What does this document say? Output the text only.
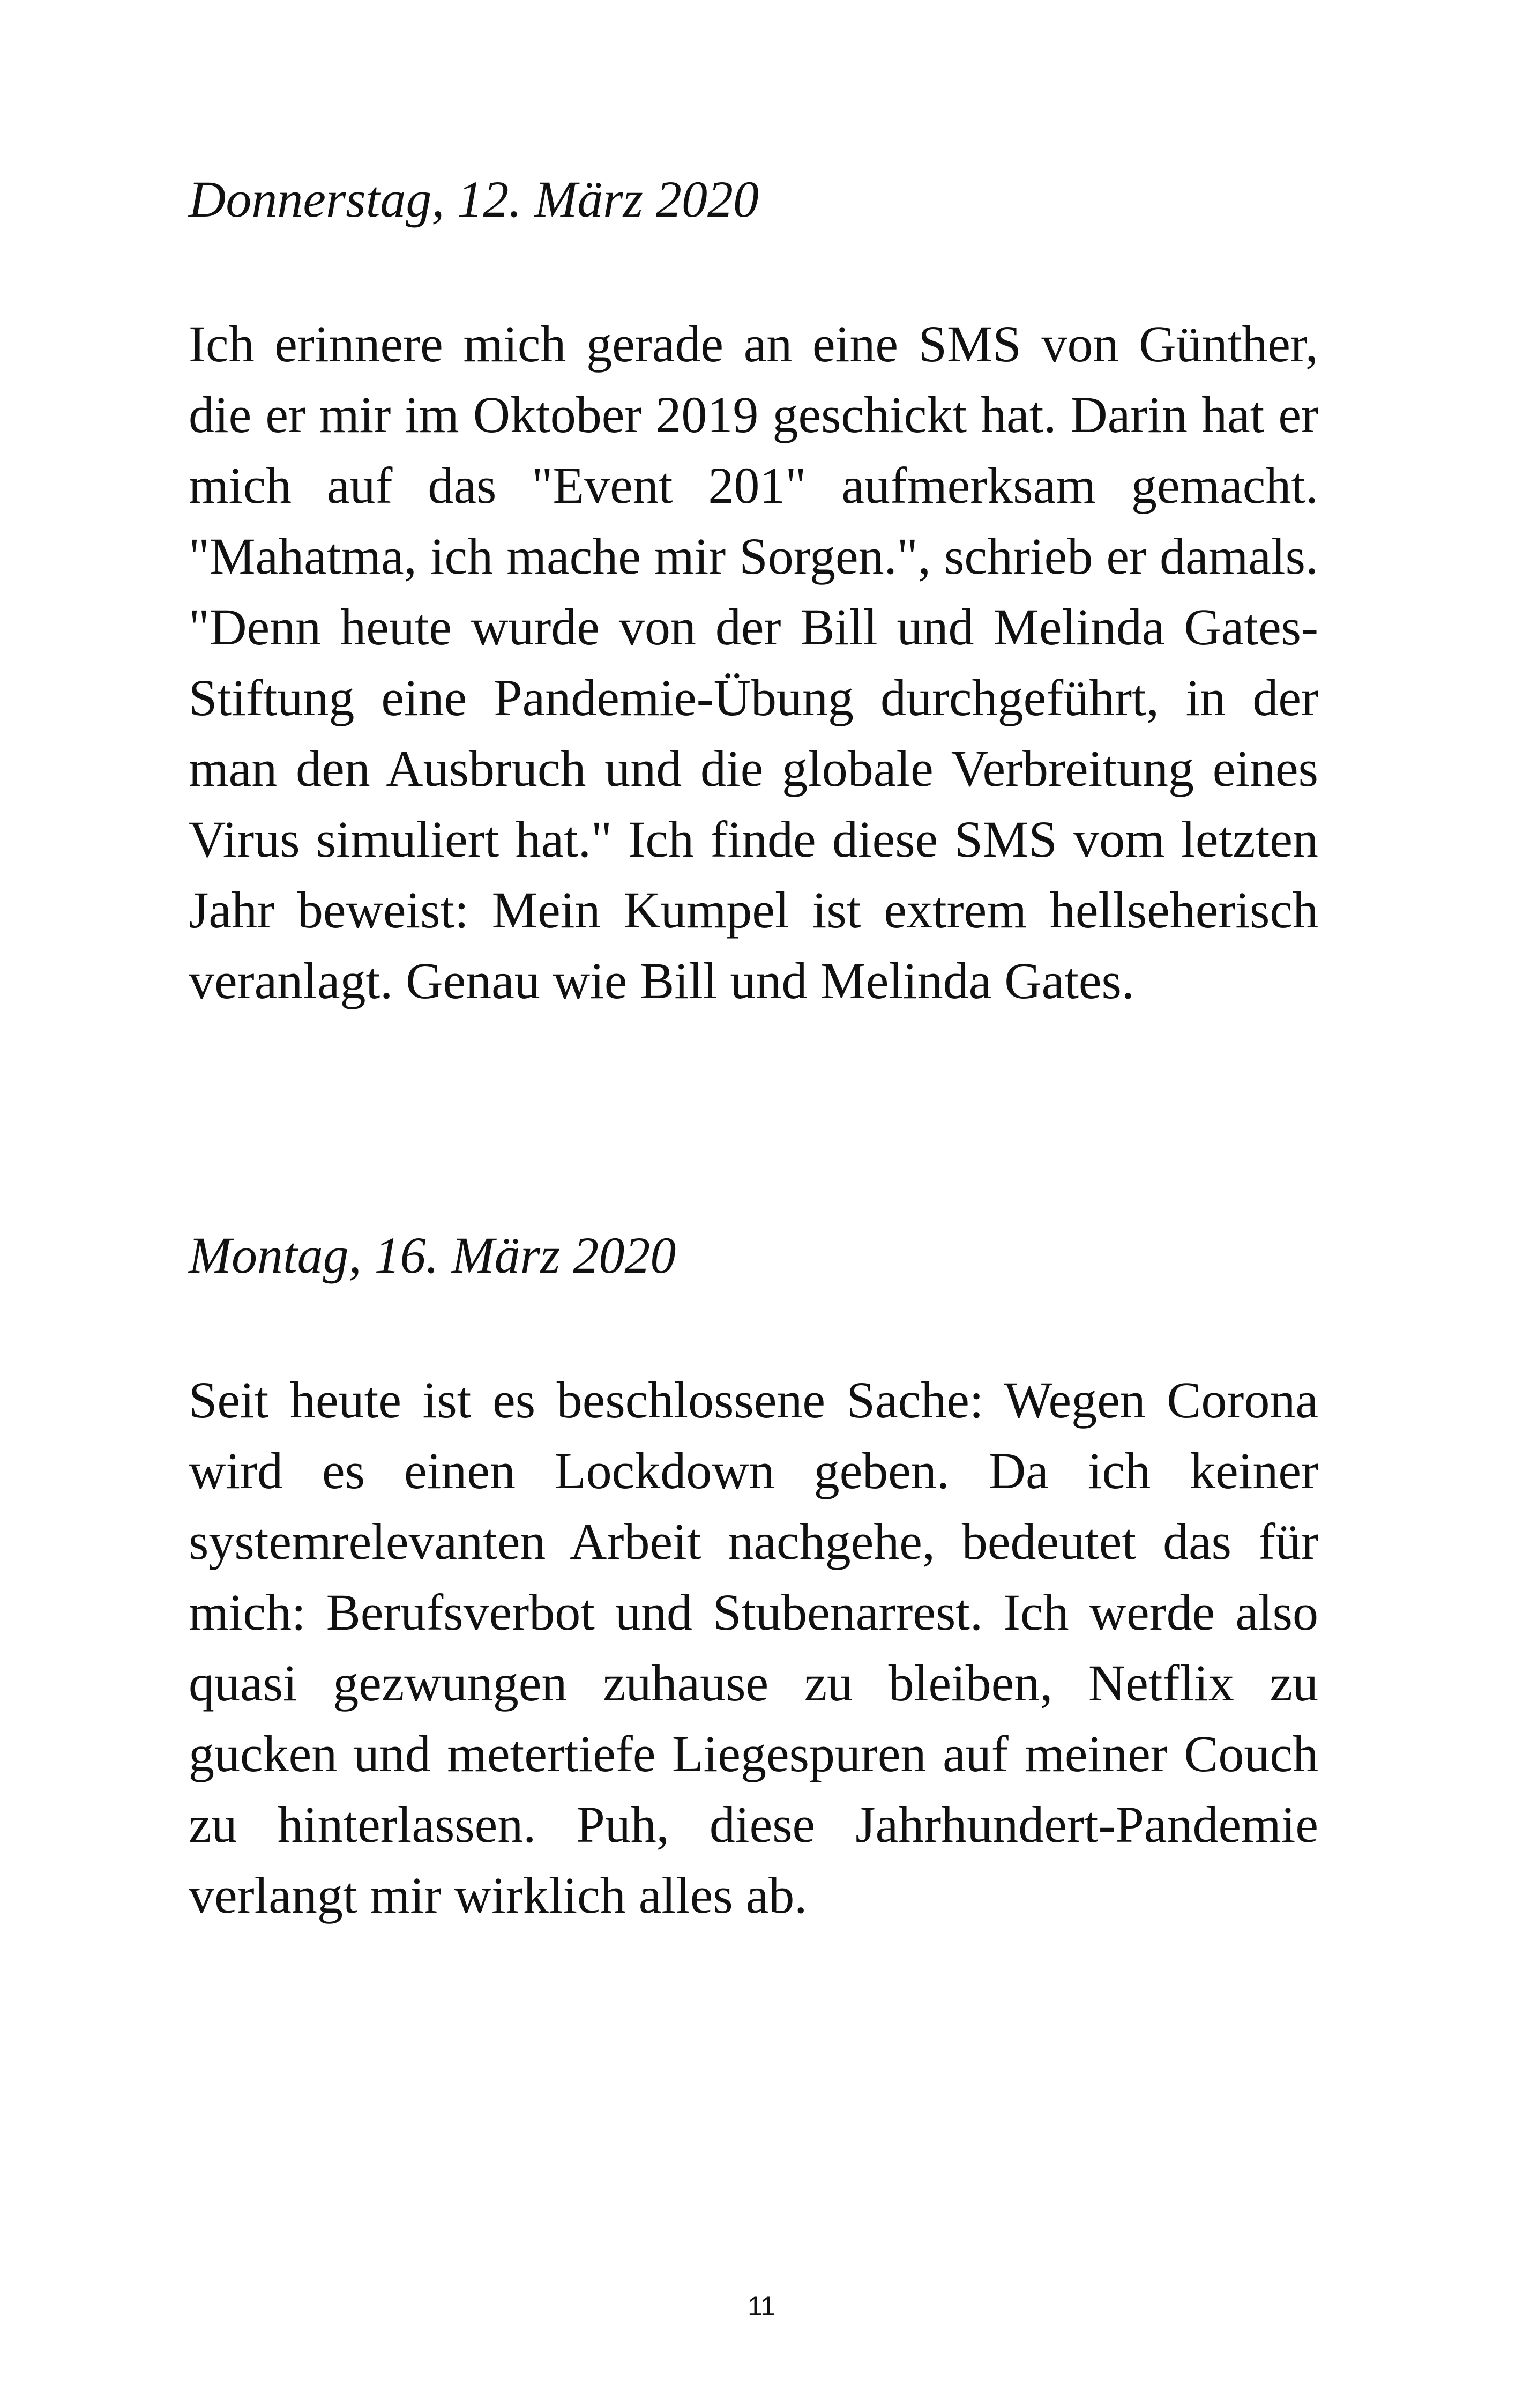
Donnerstag, 12. März 2020

Ich erinnere mich gerade an eine SMS von Günther, die er mir im Oktober 2019 geschickt hat. Darin hat er mich auf das "Event 201" aufmerksam gemacht. "Mahatma, ich mache mir Sorgen.", schrieb er damals. "Denn heute wurde von der Bill und Melinda Gates-Stiftung eine Pandemie-Übung durchgeführt, in der man den Ausbruch und die globale Verbreitung eines Virus simuliert hat." Ich finde diese SMS vom letzten Jahr beweist: Mein Kumpel ist extrem hellseherisch veranlagt. Genau wie Bill und Melinda Gates.

Montag, 16. März 2020

Seit heute ist es beschlossene Sache: Wegen Corona wird es einen Lockdown geben. Da ich keiner systemrelevanten Arbeit nachgehe, bedeutet das für mich: Berufsverbot und Stubenarrest. Ich werde also quasi gezwungen zuhause zu bleiben, Netflix zu gucken und metertiefe Liegespuren auf meiner Couch zu hinterlassen. Puh, diese Jahrhundert-Pandemie verlangt mir wirklich alles ab.

11
